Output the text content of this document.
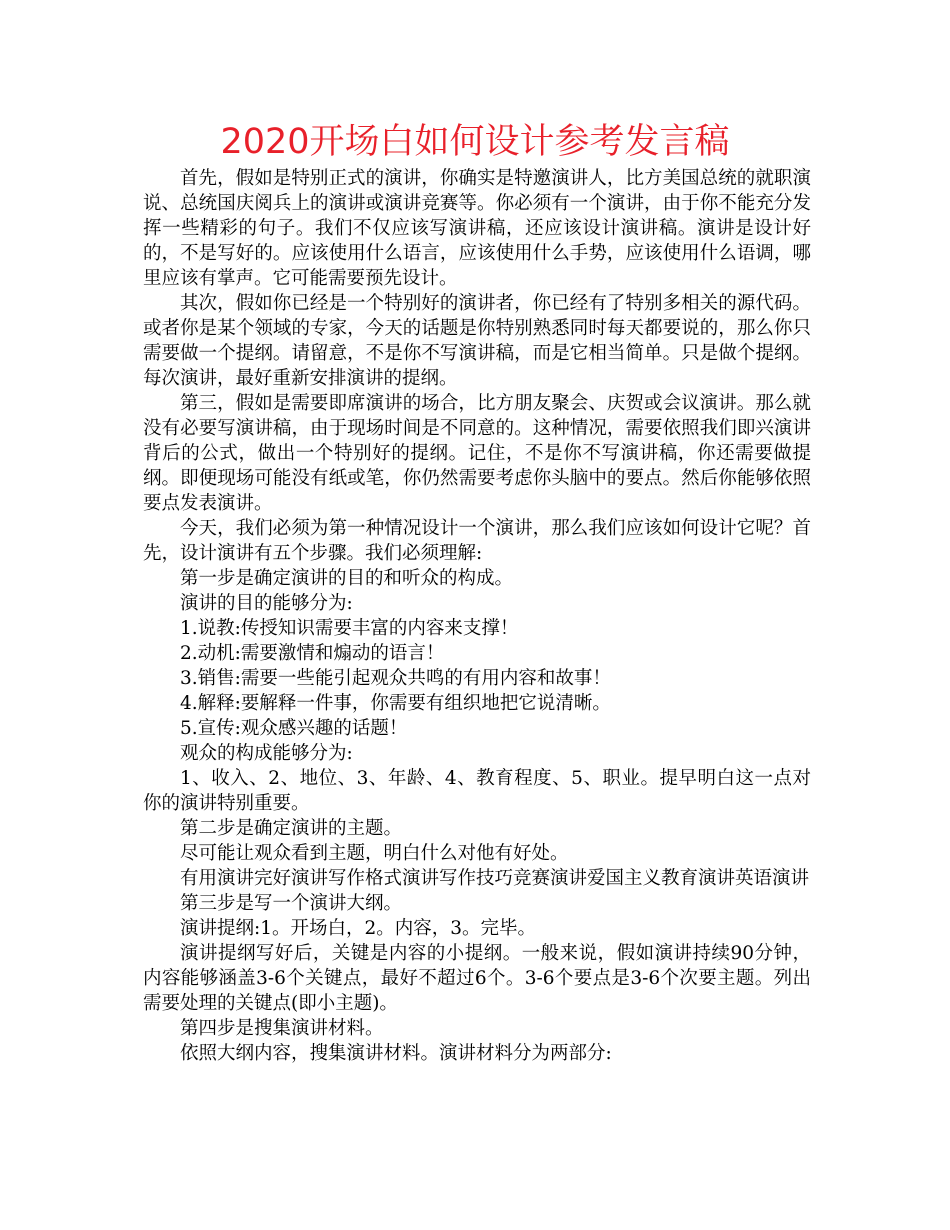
2020开场白如何设计参考发言稿

首先，假如是特别正式的演讲，你确实是特邀演讲人，比方美国总统的就职演说、总统国庆阅兵上的演讲或演讲竞赛等。你必须有一个演讲，由于你不能充分发挥一些精彩的句子。我们不仅应该写演讲稿，还应该设计演讲稿。演讲是设计好的，不是写好的。应该使用什么语言，应该使用什么手势，应该使用什么语调，哪里应该有掌声。它可能需要预先设计。

其次，假如你已经是一个特别好的演讲者，你已经有了特别多相关的源代码。或者你是某个领域的专家，今天的话题是你特别熟悉同时每天都要说的，那么你只需要做一个提纲。请留意，不是你不写演讲稿，而是它相当简单。只是做个提纲。每次演讲，最好重新安排演讲的提纲。

第三，假如是需要即席演讲的场合，比方朋友聚会、庆贺或会议演讲。那么就没有必要写演讲稿，由于现场时间是不同意的。这种情况，需要依照我们即兴演讲背后的公式，做出一个特别好的提纲。记住，不是你不写演讲稿，你还需要做提纲。即便现场可能没有纸或笔，你仍然需要考虑你头脑中的要点。然后你能够依照要点发表演讲。

今天，我们必须为第一种情况设计一个演讲，那么我们应该如何设计它呢？首先，设计演讲有五个步骤。我们必须理解:

第一步是确定演讲的目的和听众的构成。

演讲的目的能够分为:

1.说教:传授知识需要丰富的内容来支撑！

2.动机:需要激情和煽动的语言！

3.销售:需要一些能引起观众共鸣的有用内容和故事！

4.解释:要解释一件事，你需要有组织地把它说清晰。

5.宣传:观众感兴趣的话题！

观众的构成能够分为:

1、收入、2、地位、3、年龄、4、教育程度、5、职业。提早明白这一点对你的演讲特别重要。

第二步是确定演讲的主题。

尽可能让观众看到主题，明白什么对他有好处。

有用演讲完好演讲写作格式演讲写作技巧竞赛演讲爱国主义教育演讲英语演讲

第三步是写一个演讲大纲。

演讲提纲:1。开场白，2。内容，3。完毕。

演讲提纲写好后，关键是内容的小提纲。一般来说，假如演讲持续90分钟，内容能够涵盖3-6个关键点，最好不超过6个。3-6个要点是3-6个次要主题。列出需要处理的关键点(即小主题)。

第四步是搜集演讲材料。

依照大纲内容，搜集演讲材料。演讲材料分为两部分:
